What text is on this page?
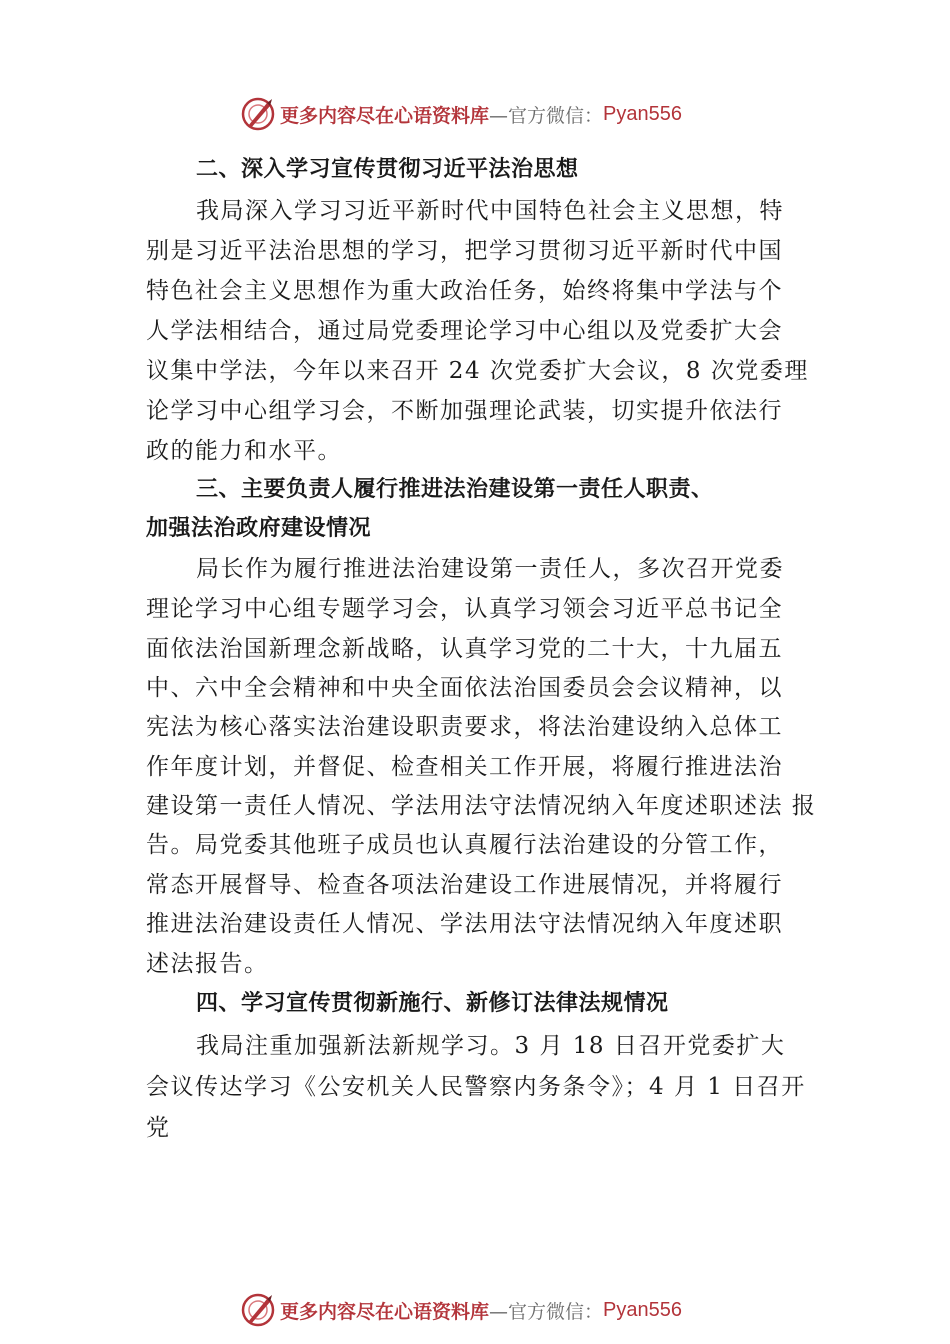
更多内容尽在心语资料库 —官方微信： Pyan556
二、深入学习宣传贯彻习近平法治思想
我局深入学习习近平新时代中国特色社会主义思想，特
别是习近平法治思想的学习，把学习贯彻习近平新时代中国
特色社会主义思想作为重大政治任务，始终将集中学法与个
人学法相结合，通过局党委理论学习中心组以及党委扩大会
议集中学法，今年以来召开 24 次党委扩大会议，8 次党委理
论学习中心组学习会，不断加强理论武装，切实提升依法行
政的能力和水平。
三、主要负责人履行推进法治建设第一责任人职责、
加强法治政府建设情况
局长作为履行推进法治建设第一责任人，多次召开党委
理论学习中心组专题学习会，认真学习领会习近平总书记全
面依法治国新理念新战略，认真学习党的二十大，十九届五
中、六中全会精神和中央全面依法治国委员会会议精神，以
宪法为核心落实法治建设职责要求，将法治建设纳入总体工
作年度计划，并督促、检查相关工作开展，将履行推进法治
建设第一责任人情况、学法用法守法情况纳入年度述职述法 报
告。局党委其他班子成员也认真履行法治建设的分管工作，
常态开展督导、检查各项法治建设工作进展情况，并将履行
推进法治建设责任人情况、学法用法守法情况纳入年度述职
述法报告。
四、学习宣传贯彻新施行、新修订法律法规情况
我局注重加强新法新规学习。3 月 18 日召开党委扩大
会议传达学习《公安机关人民警察内务条令》；4 月 1 日召开
党
更多内容尽在心语资料库 —官方微信： Pyan556
